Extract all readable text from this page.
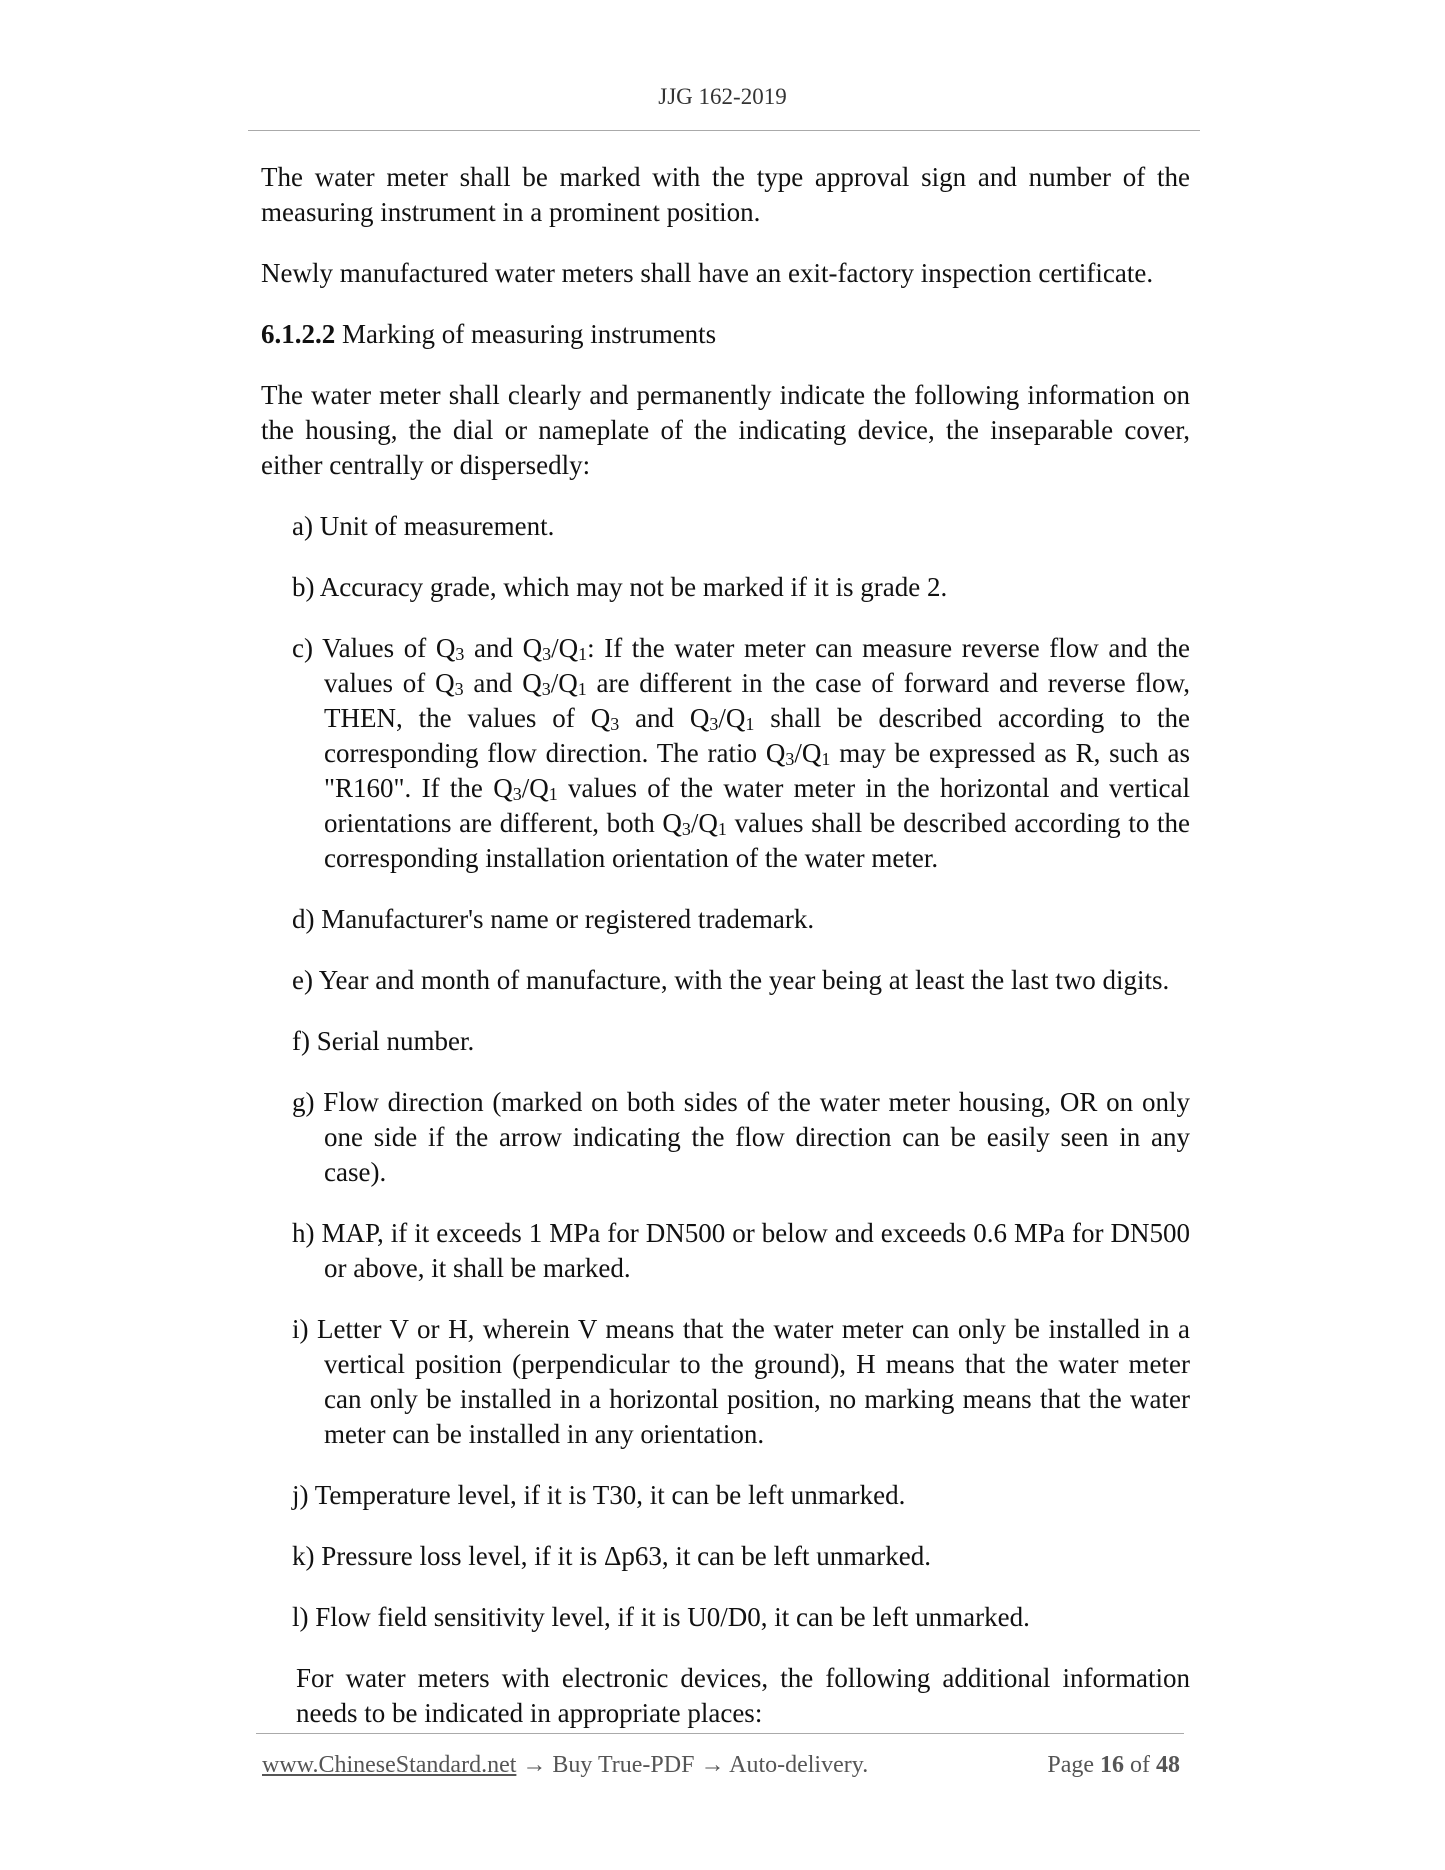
JJG 162-2019

The water meter shall be marked with the type approval sign and number of the measuring instrument in a prominent position.

Newly manufactured water meters shall have an exit-factory inspection certificate.

6.1.2.2 Marking of measuring instruments

The water meter shall clearly and permanently indicate the following information on the housing, the dial or nameplate of the indicating device, the inseparable cover, either centrally or dispersedly:

a) Unit of measurement.
b) Accuracy grade, which may not be marked if it is grade 2.
c) Values of $Q_3$ and $Q_3/Q_1$: If the water meter can measure reverse flow and the values of $Q_3$ and $Q_3/Q_1$ are different in the case of forward and reverse flow, THEN, the values of $Q_3$ and $Q_3/Q_1$ shall be described according to the corresponding flow direction. The ratio $Q_3/Q_1$ may be expressed as R, such as "R160". If the $Q_3/Q_1$ values of the water meter in the horizontal and vertical orientations are different, both $Q_3/Q_1$ values shall be described according to the corresponding installation orientation of the water meter.
d) Manufacturer's name or registered trademark.
e) Year and month of manufacture, with the year being at least the last two digits.
f) Serial number.
g) Flow direction (marked on both sides of the water meter housing, OR on only one side if the arrow indicating the flow direction can be easily seen in any case).
h) MAP, if it exceeds 1 MPa for DN500 or below and exceeds 0.6 MPa for DN500 or above, it shall be marked.
i) Letter V or H, wherein V means that the water meter can only be installed in a vertical position (perpendicular to the ground), H means that the water meter can only be installed in a horizontal position, no marking means that the water meter can be installed in any orientation.
j) Temperature level, if it is T30, it can be left unmarked.
k) Pressure loss level, if it is Δp63, it can be left unmarked.
l) Flow field sensitivity level, if it is U0/D0, it can be left unmarked.

For water meters with electronic devices, the following additional information needs to be indicated in appropriate places:

www.ChineseStandard.net → Buy True-PDF → Auto-delivery.	Page 16 of 48
